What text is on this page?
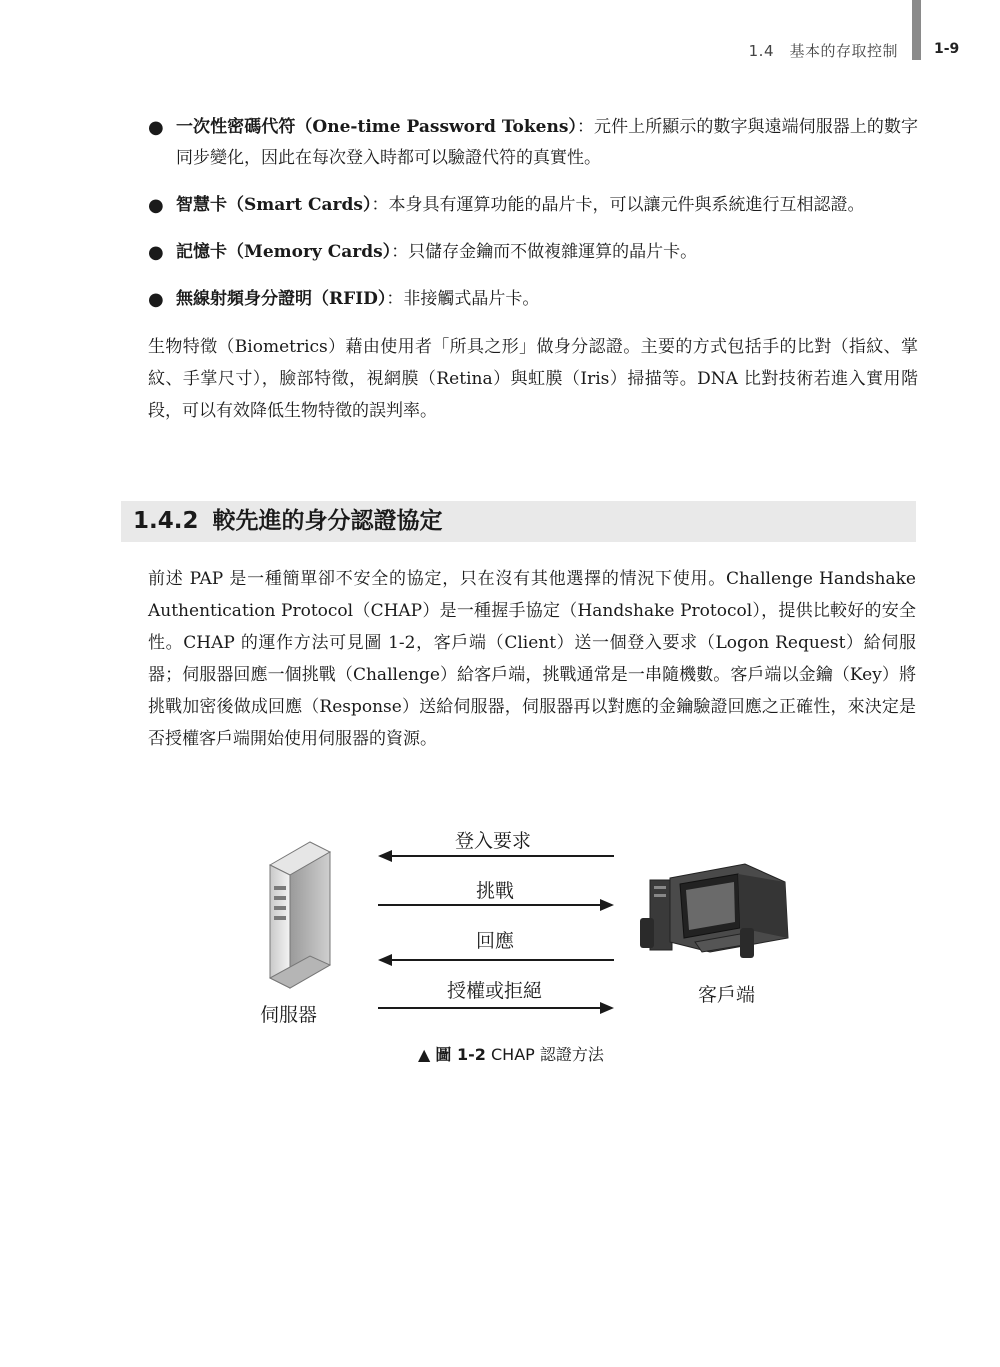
1.4　基本的存取控制	1-9
● 一次性密碼代符（One-time Password Tokens）：元件上所顯示的數字與遠端伺服器上的數字同步變化，因此在每次登入時都可以驗證代符的真實性。
● 智慧卡（Smart Cards）：本身具有運算功能的晶片卡，可以讓元件與系統進行互相認證。
● 記憶卡（Memory Cards）：只儲存金鑰而不做複雜運算的晶片卡。
● 無線射頻身分證明（RFID）：非接觸式晶片卡。

生物特徵（Biometrics）藉由使用者「所具之形」做身分認證。主要的方式包括手的比對（指紋、掌紋、手掌尺寸），臉部特徵，視網膜（Retina）與虹膜（Iris）掃描等。DNA 比對技術若進入實用階段，可以有效降低生物特徵的誤判率。

1.4.2 較先進的身分認證協定

前述 PAP 是一種簡單卻不安全的協定，只在沒有其他選擇的情況下使用。Challenge Handshake Authentication Protocol（CHAP）是一種握手協定（Handshake Protocol），提供比較好的安全性。CHAP 的運作方法可見圖 1-2，客戶端（Client）送一個登入要求（Logon Request）給伺服器；伺服器回應一個挑戰（Challenge）給客戶端，挑戰通常是一串隨機數。客戶端以金鑰（Key）將挑戰加密後做成回應（Response）送給伺服器，伺服器再以對應的金鑰驗證回應之正確性，來決定是否授權客戶端開始使用伺服器的資源。

登入要求
挑戰
回應
授權或拒絕
伺服器
客戶端
▲ 圖 1-2 CHAP 認證方法
